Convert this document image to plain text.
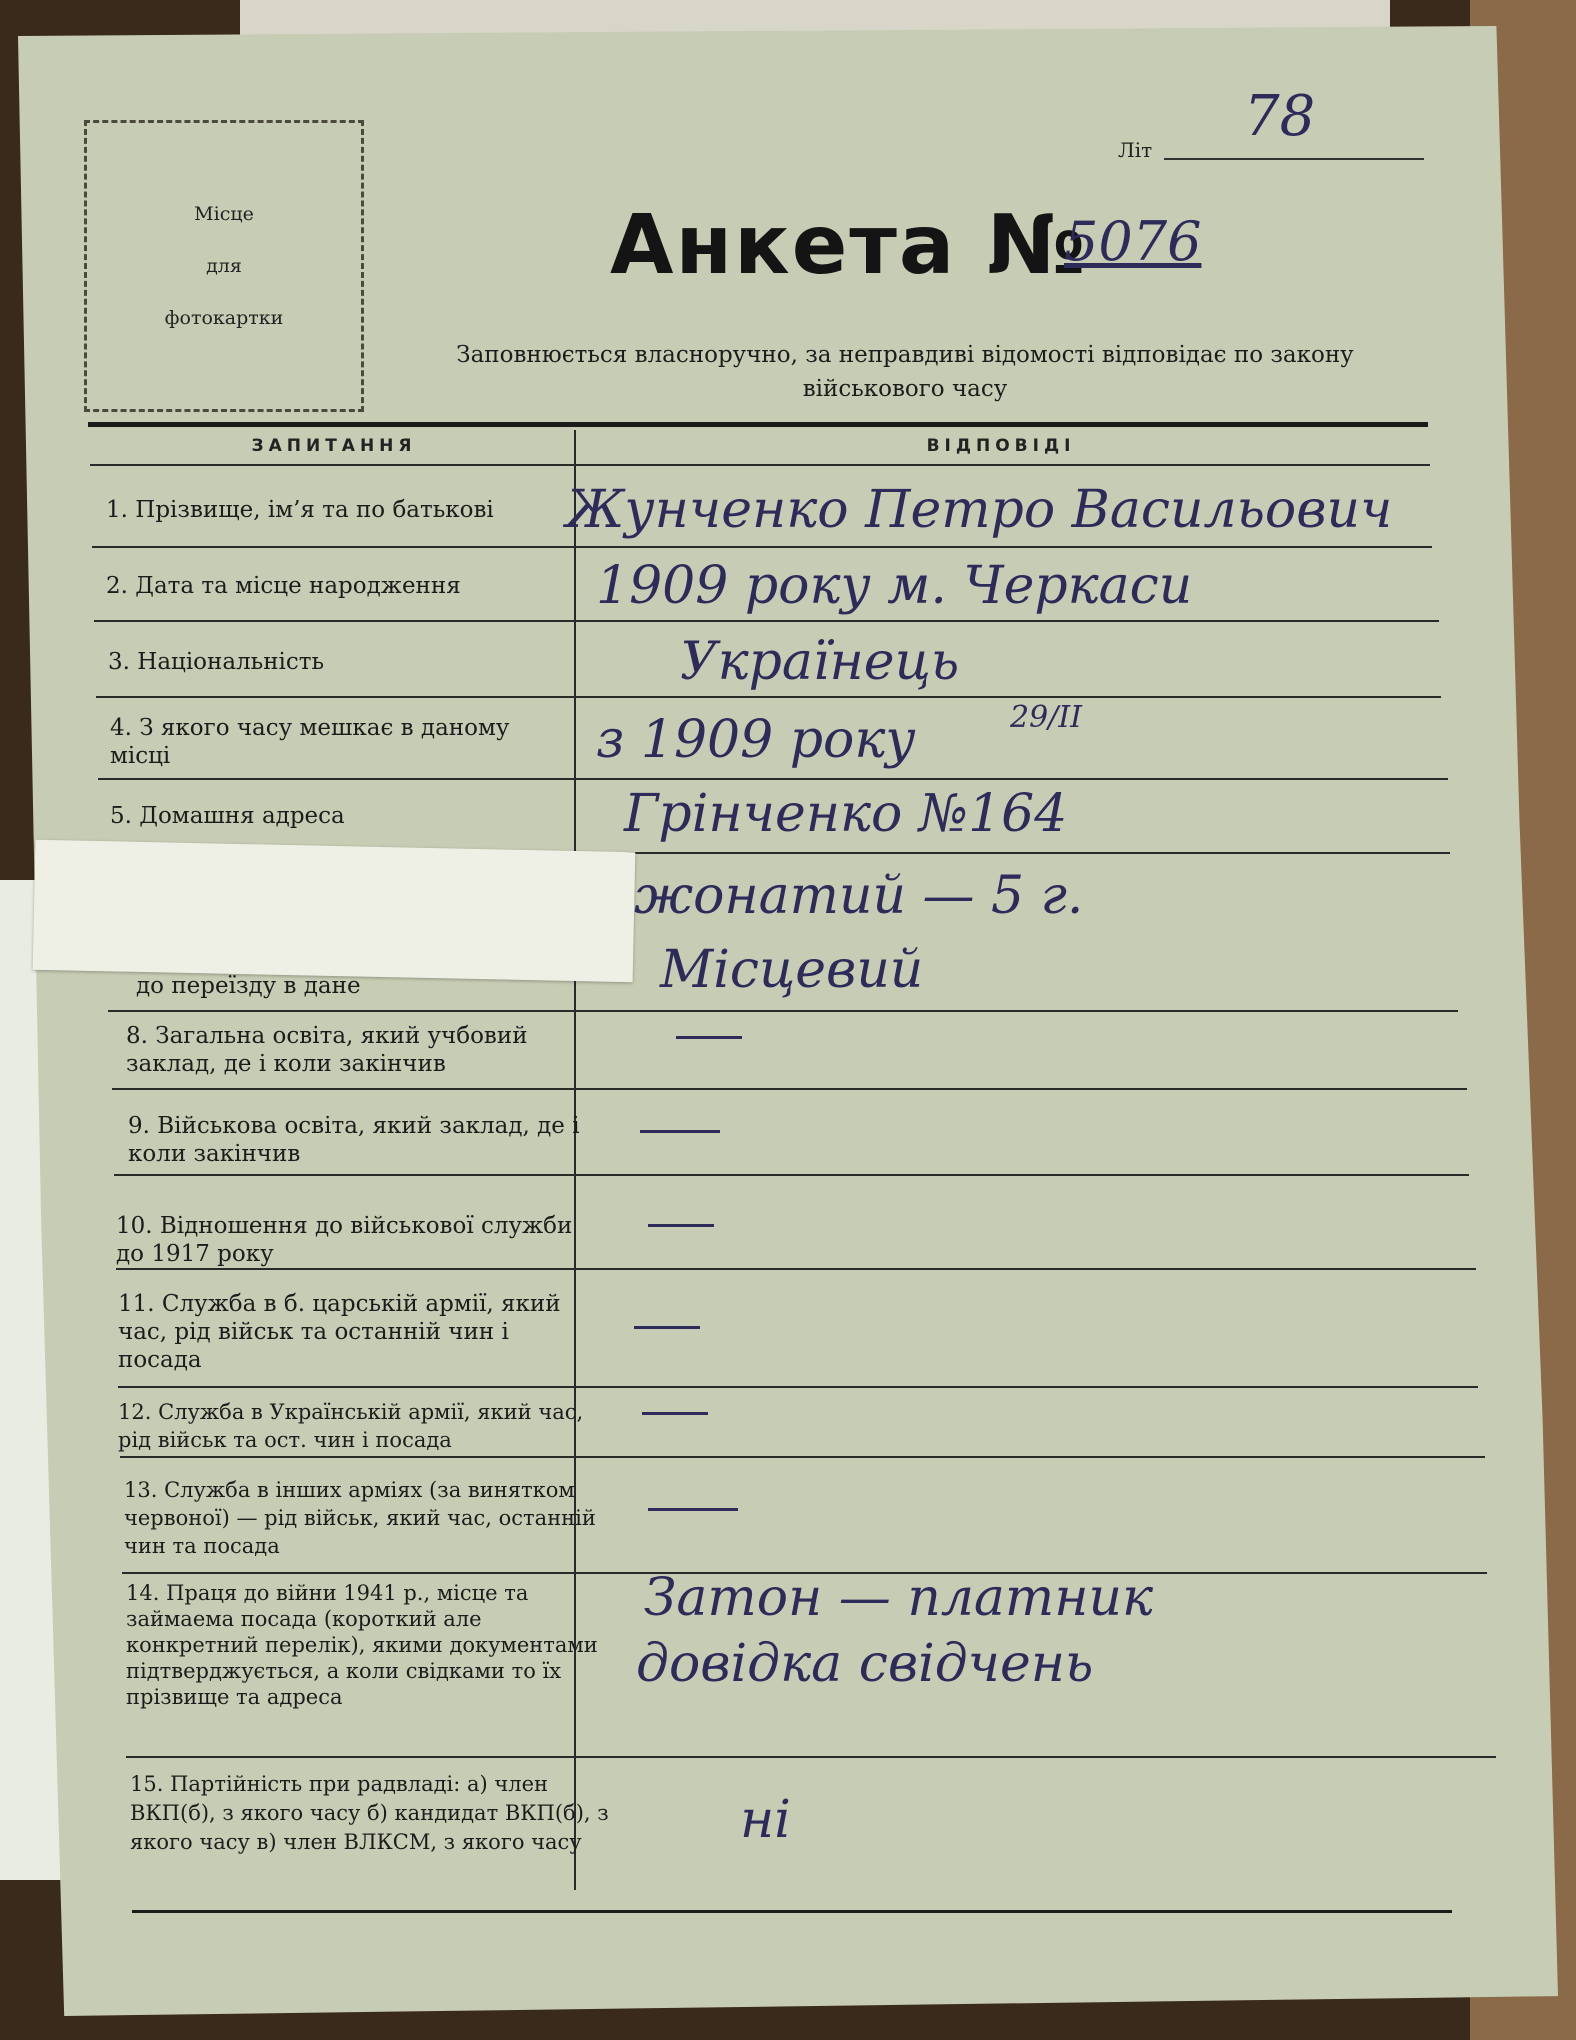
Місце
для
фотокартки
Літ
78
Анкета №
5076
Заповнюється власноручно, за неправдиві відомості відповідає по закону військового часу
ЗАПИТАННЯ	ВІДПОВІДІ
1. Прізвище, ім’я та по батькові
2. Дата та місце народження
3. Національність
4. З якого часу мешкає в даному місці
5. Домашня адреса
до переїзду в дане
8. Загальна освіта, який учбовий заклад, де і коли закінчив
9. Військова освіта, який заклад, де і коли закінчив
10. Відношення до військової служби до 1917 року
11. Служба в б. царській армії, який час, рід військ та останній чин і посада
12. Служба в Українській армії, який час, рід військ та ост. чин і посада
13. Служба в інших арміях (за винятком червоної) — рід військ, який час, останній чин та посада
14. Праця до війни 1941 р., місце та займаема посада (короткий але конкретний перелік), якими документами підтверджується, а коли свідками то їх прізвище та адреса
15. Партійність при радвладі: а) член ВКП(б), з якого часу б) кандидат ВКП(б), з якого часу в) член ВЛКСМ, з якого часу
Жунченко Петро Васильович
1909 року м. Черкаси
Українець
з 1909 року	29/ІІ
Грінченко №164
жонатий — 5 г.
Місцевий
Затон — платник
довідка свідчень
ні
